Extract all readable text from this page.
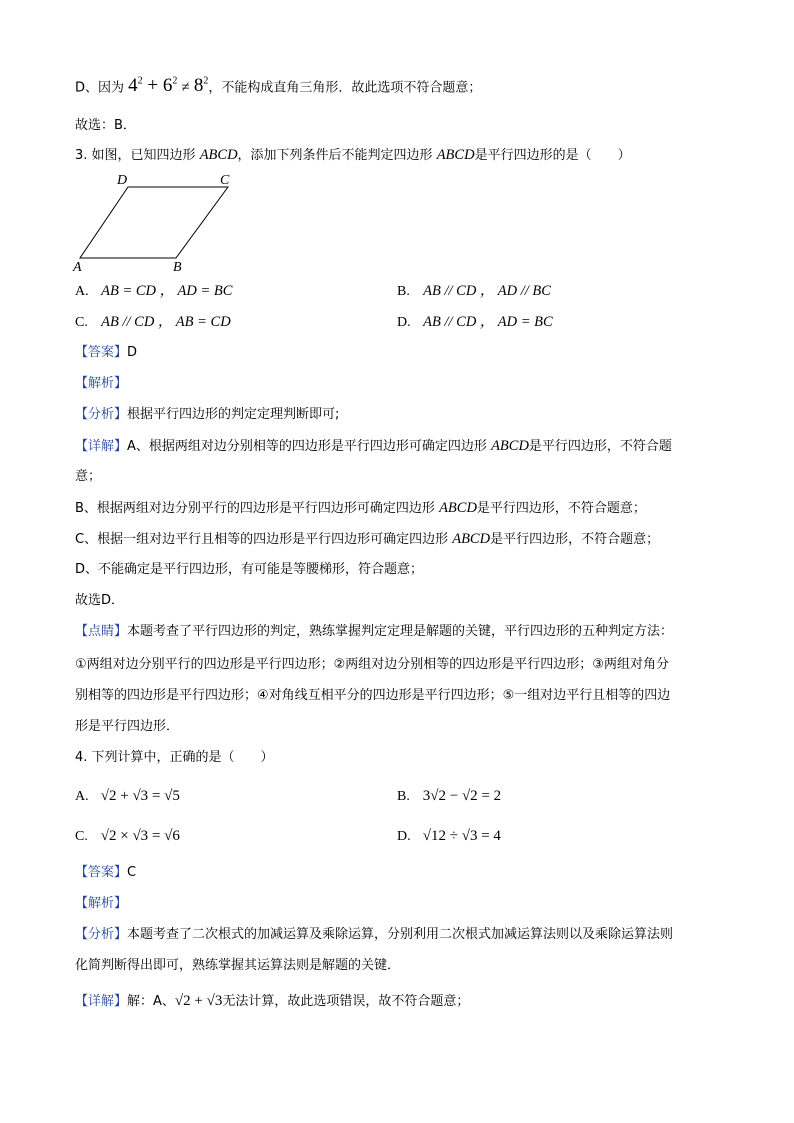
D、因为 $4^2 + 6^2 \ne 8^2$，不能构成直角三角形．故此选项不符合题意；
故选：B．
3. 如图，已知四边形 ABCD，添加下列条件后不能判定四边形 ABCD是平行四边形的是（　　）
D	C
A	B
A. AB = CD ， AD = BC	B. AB // CD ， AD // BC
C. AB // CD ， AB = CD	D. AB // CD ， AD = BC
【答案】D
【解析】
【分析】根据平行四边形的判定定理判断即可;
【详解】A、根据两组对边分别相等的四边形是平行四边形可确定四边形 ABCD是平行四边形，不符合题
意；
B、根据两组对边分别平行的四边形是平行四边形可确定四边形 ABCD是平行四边形，不符合题意；
C、根据一组对边平行且相等的四边形是平行四边形可确定四边形 ABCD是平行四边形，不符合题意；
D、不能确定是平行四边形，有可能是等腰梯形，符合题意；
故选D．
【点睛】本题考查了平行四边形的判定，熟练掌握判定定理是解题的关键，平行四边形的五种判定方法：
①两组对边分别平行的四边形是平行四边形；②两组对边分别相等的四边形是平行四边形；③两组对角分
别相等的四边形是平行四边形；④对角线互相平分的四边形是平行四边形；⑤一组对边平行且相等的四边
形是平行四边形．
4. 下列计算中，正确的是（　　）
A. √2 + √3 = √5	B. 3√2 − √2 = 2
C. √2 × √3 = √6	D. √12 ÷ √3 = 4
【答案】C
【解析】
【分析】本题考查了二次根式的加减运算及乘除运算，分别利用二次根式加减运算法则以及乘除运算法则
化简判断得出即可，熟练掌握其运算法则是解题的关键．
【详解】解：A、√2 + √3无法计算，故此选项错误，故不符合题意；
